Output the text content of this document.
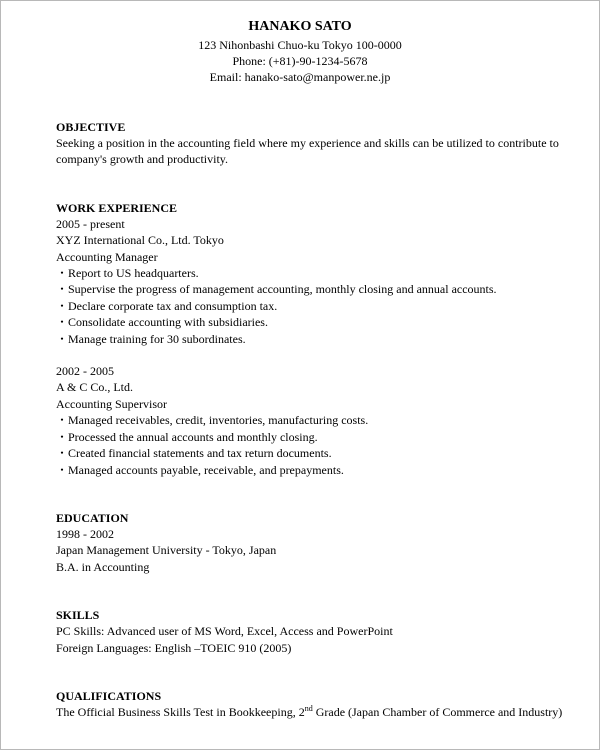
HANAKO SATO
123 Nihonbashi Chuo-ku Tokyo 100-0000
Phone: (+81)-90-1234-5678
Email: hanako-sato@manpower.ne.jp
OBJECTIVE
Seeking a position in the accounting field where my experience and skills can be utilized to contribute to company's growth and productivity.
WORK EXPERIENCE
2005 - present
XYZ International Co., Ltd. Tokyo
Accounting Manager
・Report to US headquarters.
・Supervise the progress of management accounting, monthly closing and annual accounts.
・Declare corporate tax and consumption tax.
・Consolidate accounting with subsidiaries.
・Manage training for 30 subordinates.
2002 - 2005
A & C Co., Ltd.
Accounting Supervisor
・Managed receivables, credit, inventories, manufacturing costs.
・Processed the annual accounts and monthly closing.
・Created financial statements and tax return documents.
・Managed accounts payable, receivable, and prepayments.
EDUCATION
1998 - 2002
Japan Management University - Tokyo, Japan
B.A. in Accounting
SKILLS
PC Skills: Advanced user of MS Word, Excel, Access and PowerPoint
Foreign Languages: English –TOEIC 910 (2005)
QUALIFICATIONS
The Official Business Skills Test in Bookkeeping, 2nd Grade (Japan Chamber of Commerce and Industry)
